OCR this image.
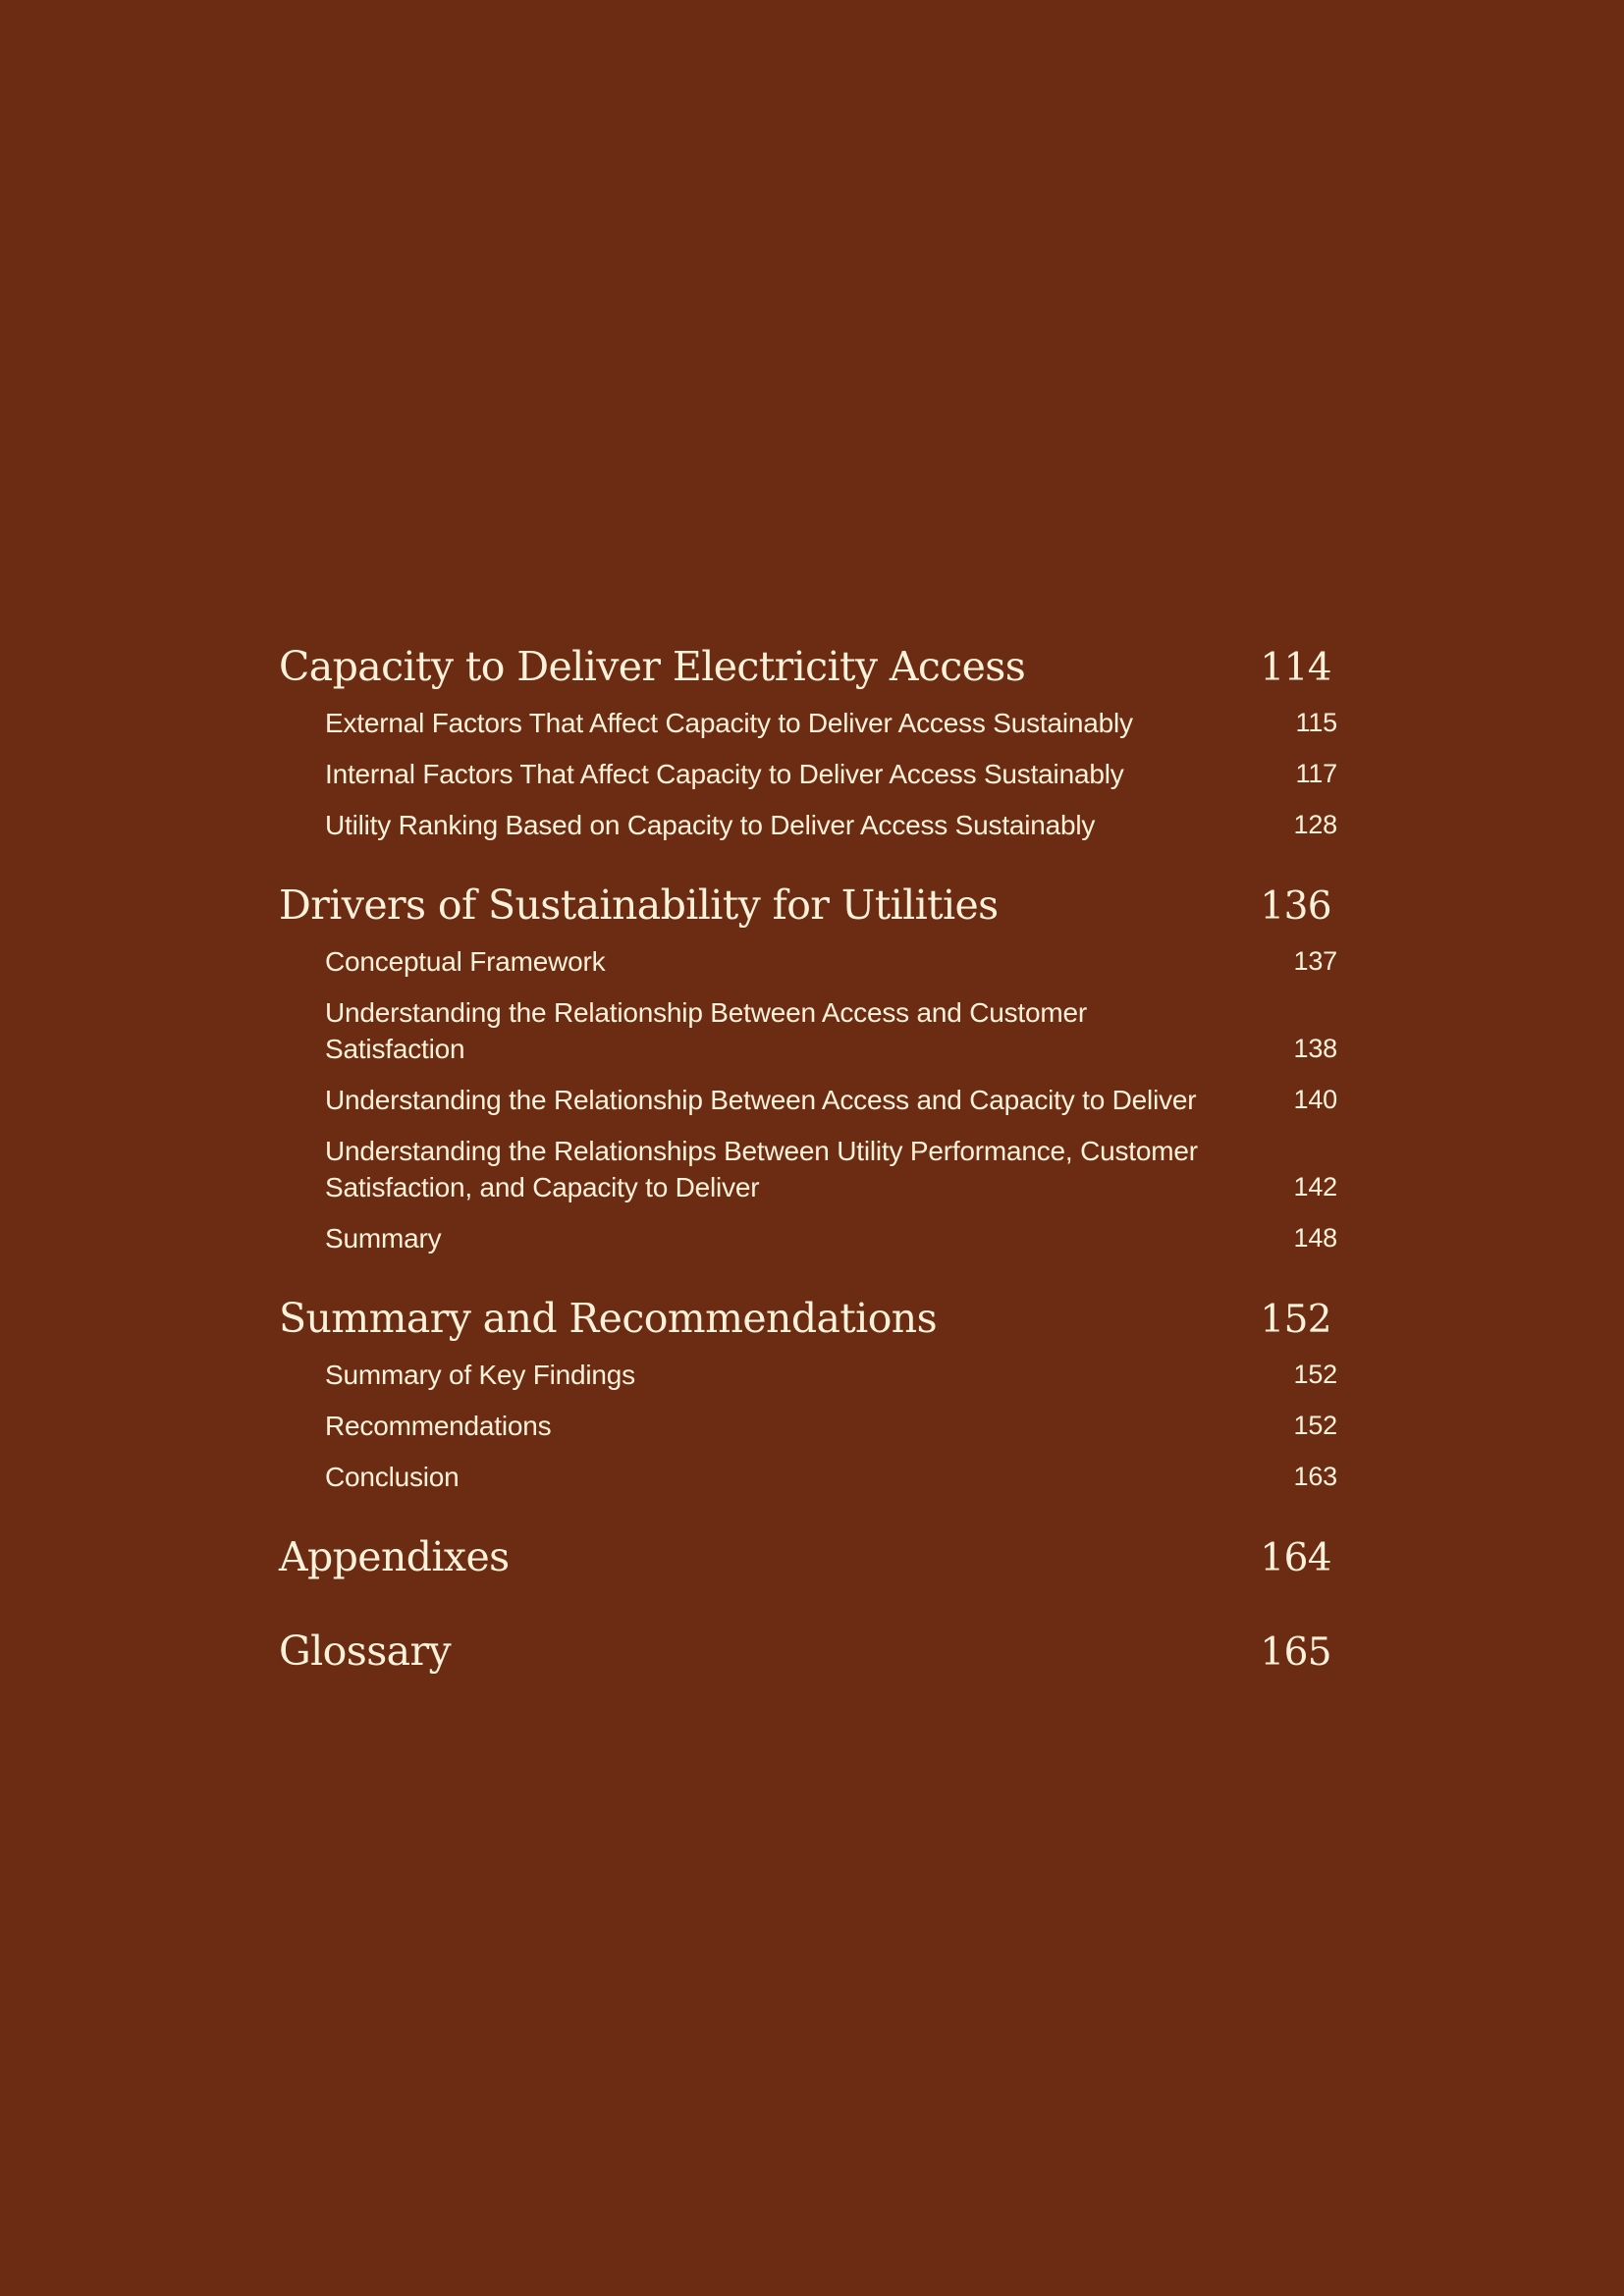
Capacity to Deliver Electricity Access	114
External Factors That Affect Capacity to Deliver Access Sustainably	115
Internal Factors That Affect Capacity to Deliver Access Sustainably	117
Utility Ranking Based on Capacity to Deliver Access Sustainably	128
Drivers of Sustainability for Utilities	136
Conceptual Framework	137
Understanding the Relationship Between Access and Customer Satisfaction	138
Understanding the Relationship Between Access and Capacity to Deliver	140
Understanding the Relationships Between Utility Performance, Customer Satisfaction, and Capacity to Deliver	142
Summary	148
Summary and Recommendations	152
Summary of Key Findings	152
Recommendations	152
Conclusion	163
Appendixes	164
Glossary	165
